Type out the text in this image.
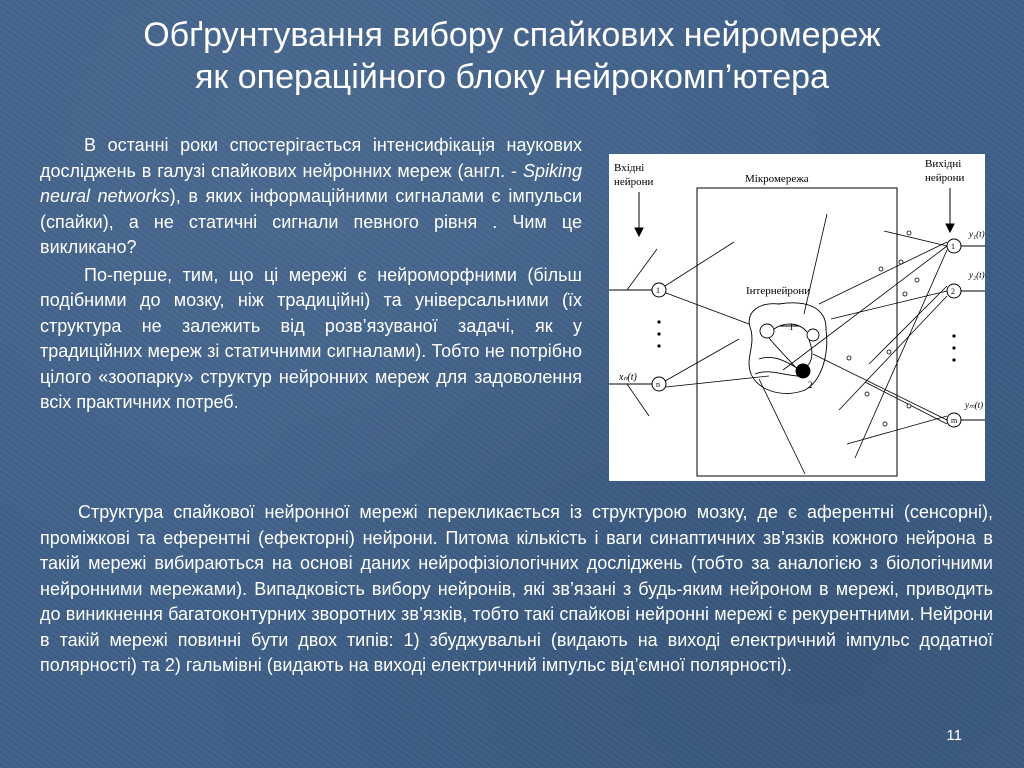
Обґрунтування вибору спайкових нейромереж
як операційного блоку нейрокомп’ютера

В останні роки спостерігається інтенсифікація наукових досліджень в галузі спайкових нейронних мереж (англ. - Spiking neural networks), в яких інформаційними сигналами є імпульси (спайки), а не статичні сигнали певного рівня . Чим це викликано?

По-перше, тим, що ці мережі є нейроморфними (більш подібними до мозку, ніж традиційні) та універсальними (їх структура не залежить від розв’язуваної задачі, як у традиційних мереж зі статичними сигналами). Тобто не потрібно цілого «зоопарку» структур нейронних мереж для задоволення всіх практичних потреб.

Вхідні
нейрони	Мікромережа
Вихідні
нейрони
Інтернейрони
1
n
xₙ(t)
1
2
m
y₁(t)
y₂(t)
yₘ(t)
1
2

Структура спайкової нейронної мережі перекликається із структурою мозку, де є аферентні (сенсорні), проміжкові та еферентні (ефекторні) нейрони. Питома кількість і ваги синаптичних зв’язків кожного нейрона в такій мережі вибираються на основі даних нейрофізіологічних досліджень (тобто за аналогією з біологічними нейронними мережами). Випадковість вибору нейронів, які зв’язані з будь-яким нейроном в мережі, приводить до виникнення багатоконтурних зворотних зв’язків, тобто такі спайкові нейронні мережі є рекурентними. Нейрони в такій мережі повинні бути двох типів: 1) збуджувальні (видають на виході електричний імпульс додатної полярності) та 2) гальмівні (видають на виході електричний імпульс від’ємної полярності).

11
